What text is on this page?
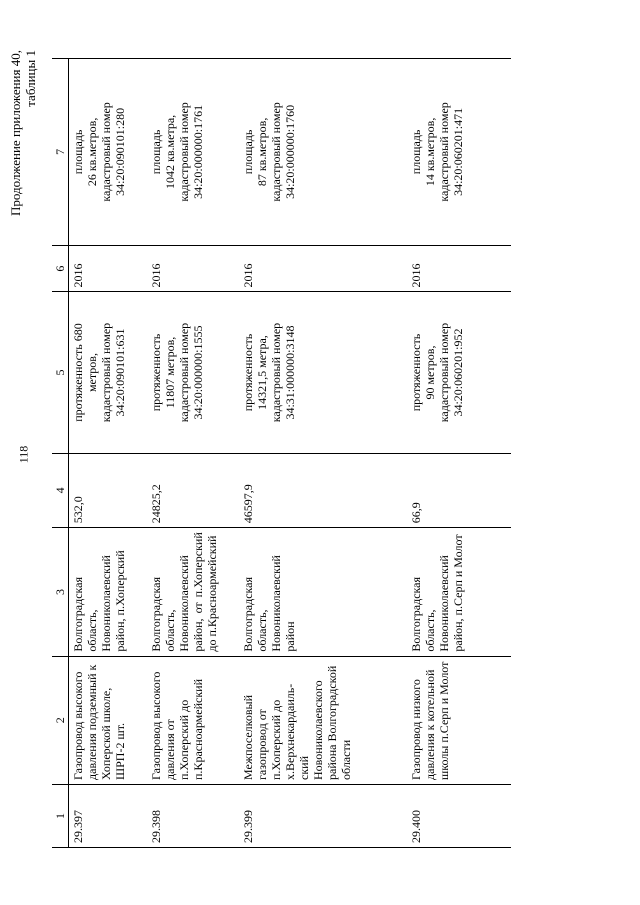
118
Продолжение приложения 40, таблицы 1
1	2	3	4	5	6	7
29.397	Газопровод высокого давления подземный к Хоперской школе, ШРП-2 шт.	Волгоградская область, Новониколаевский район, п.Хоперский	532,0	протяженность 680 метров, кадастровый номер 34:20:090101:631	2016	площадь 26 кв.метров, кадастровый номер 34:20:090101:280

29.398	Газопровод высокого давления от п.Хоперский до п.Красноармейский	Волгоградская область, Новониколаевский район, от п.Хоперский до п.Красноармейский	24825,2	протяженность 11807 метров, кадастровый номер 34:20:000000:1555	2016	площадь 1042 кв.метра, кадастровый номер 34:20:000000:1761

29.399	Межпоселковый газопровод от п.Хоперский до х.Верхнекардаиль-ский Новониколаевского района Волгоградской области	Волгоградская область, Новониколаевский район	46597,9	протяженность 14321,5 метра, кадастровый номер 34:31:000000:3148	2016	площадь 87 кв.метров, кадастровый номер 34:20:000000:1760

29.400	Газопровод низкого давления к котельной школы п.Серп и Молот	Волгоградская область, Новониколаевский район, п.Серп и Молот	66,9	протяженность 90 метров, кадастровый номер 34:20:060201:952	2016	площадь 14 кв.метров, кадастровый номер 34:20:060201:471
